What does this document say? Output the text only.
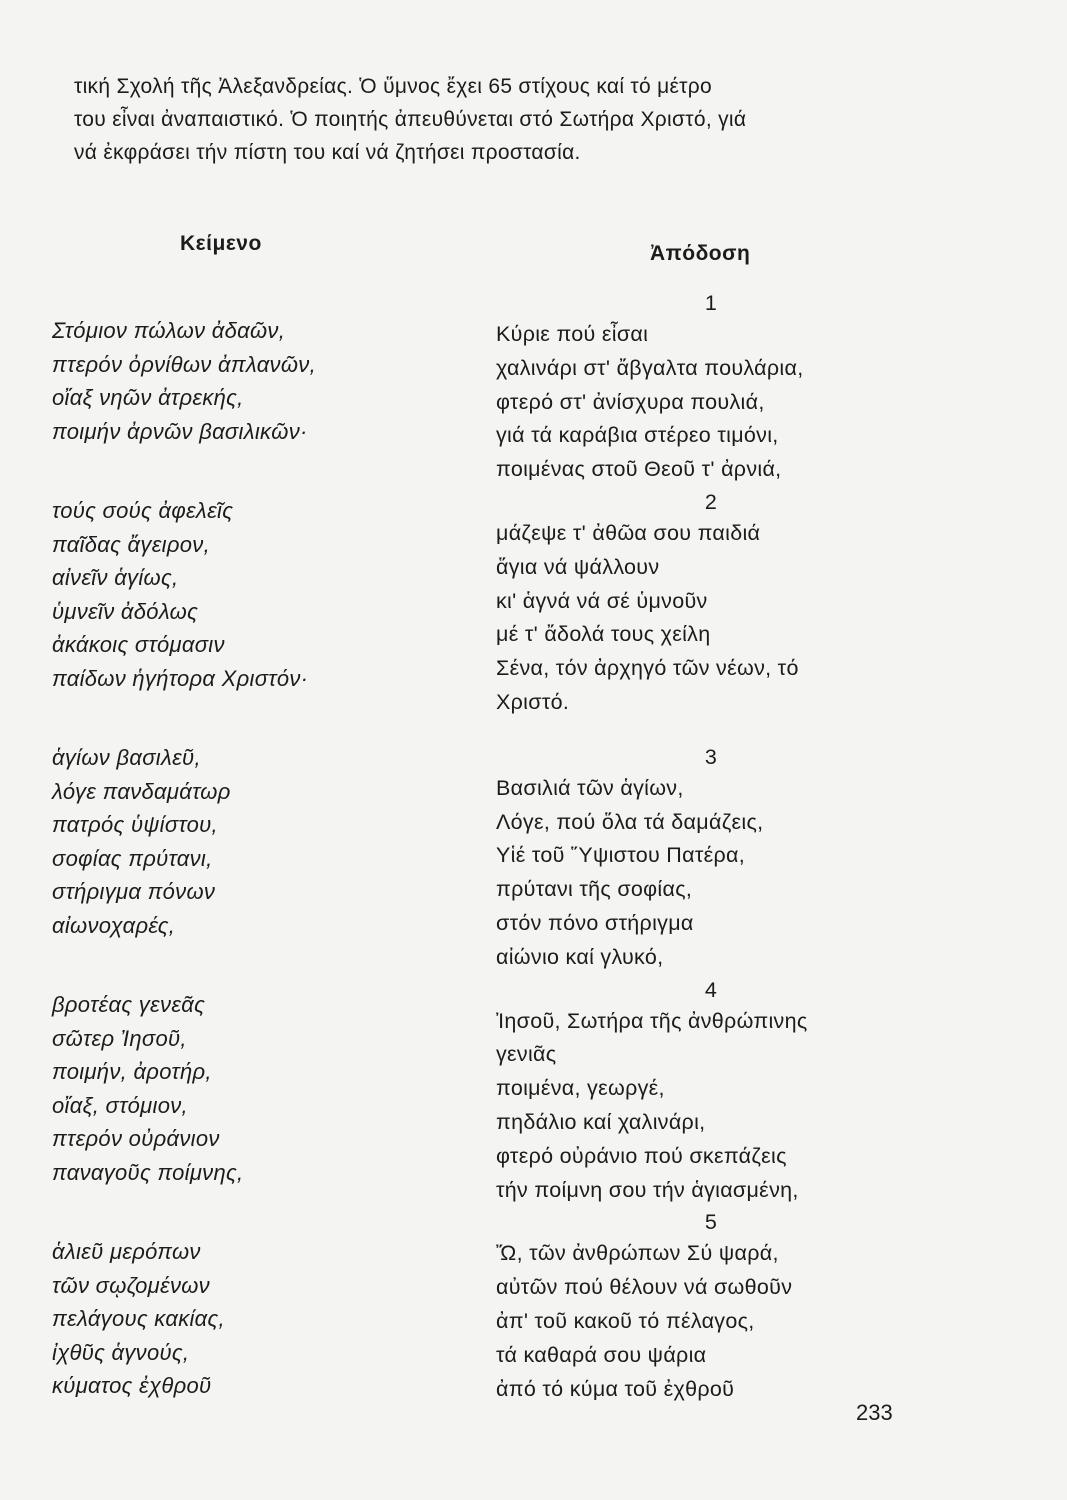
τική Σχολή τῆς Ἀλεξανδρείας. Ὁ ὕμνος ἔχει 65 στίχους καί τό μέτρο
του εἶναι ἀναπαιστικό. Ὁ ποιητής ἀπευθύνεται στό Σωτήρα Χριστό, γιά
νά ἐκφράσει τήν πίστη του καί νά ζητήσει προστασία.
Κείμενο	Ἀπόδοση
Στόμιον πώλων ἀδαῶν,
πτερόν ὀρνίθων ἀπλανῶν,
οἴαξ νηῶν ἀτρεκής,
ποιμήν ἀρνῶν βασιλικῶν·
τούς σούς ἀφελεῖς
παῖδας ἄγειρον,
αἰνεῖν ἁγίως,
ὑμνεῖν ἀδόλως
ἀκάκοις στόμασιν
παίδων ἡγήτορα Χριστόν·
ἁγίων βασιλεῦ,
λόγε πανδαμάτωρ
πατρός ὑψίστου,
σοφίας πρύτανι,
στήριγμα πόνων
αἰωνοχαρές,
βροτέας γενεᾶς
σῶτερ Ἰησοῦ,
ποιμήν, ἀροτήρ,
οἴαξ, στόμιον,
πτερόν οὐράνιον
παναγοῦς ποίμνης,
ἁλιεῦ μερόπων
τῶν σῳζομένων
πελάγους κακίας,
ἰχθῦς ἁγνούς,
κύματος ἐχθροῦ
1
Κύριε πού εἶσαι
χαλινάρι στ' ἄβγαλτα πουλάρια,
φτερό στ' ἀνίσχυρα πουλιά,
γιά τά καράβια στέρεο τιμόνι,
ποιμένας στοῦ Θεοῦ τ' ἀρνιά,
2
μάζεψε τ' ἀθῶα σου παιδιά
ἅγια νά ψάλλουν
κι' ἁγνά νά σέ ὑμνοῦν
μέ τ' ἄδολά τους χείλη
Σένα, τόν ἀρχηγό τῶν νέων, τό
Χριστό.
3
Βασιλιά τῶν ἁγίων,
Λόγε, πού ὅλα τά δαμάζεις,
Υἱέ τοῦ Ὕψιστου Πατέρα,
πρύτανι τῆς σοφίας,
στόν πόνο στήριγμα
αἰώνιο καί γλυκό,
4
Ἰησοῦ, Σωτήρα τῆς ἀνθρώπινης
γενιᾶς
ποιμένα, γεωργέ,
πηδάλιο καί χαλινάρι,
φτερό οὐράνιο πού σκεπάζεις
τήν ποίμνη σου τήν ἁγιασμένη,
5
Ὤ, τῶν ἀνθρώπων Σύ ψαρά,
αὐτῶν πού θέλουν νά σωθοῦν
ἀπ' τοῦ κακοῦ τό πέλαγος,
τά καθαρά σου ψάρια
ἀπό τό κύμα τοῦ ἐχθροῦ
233
